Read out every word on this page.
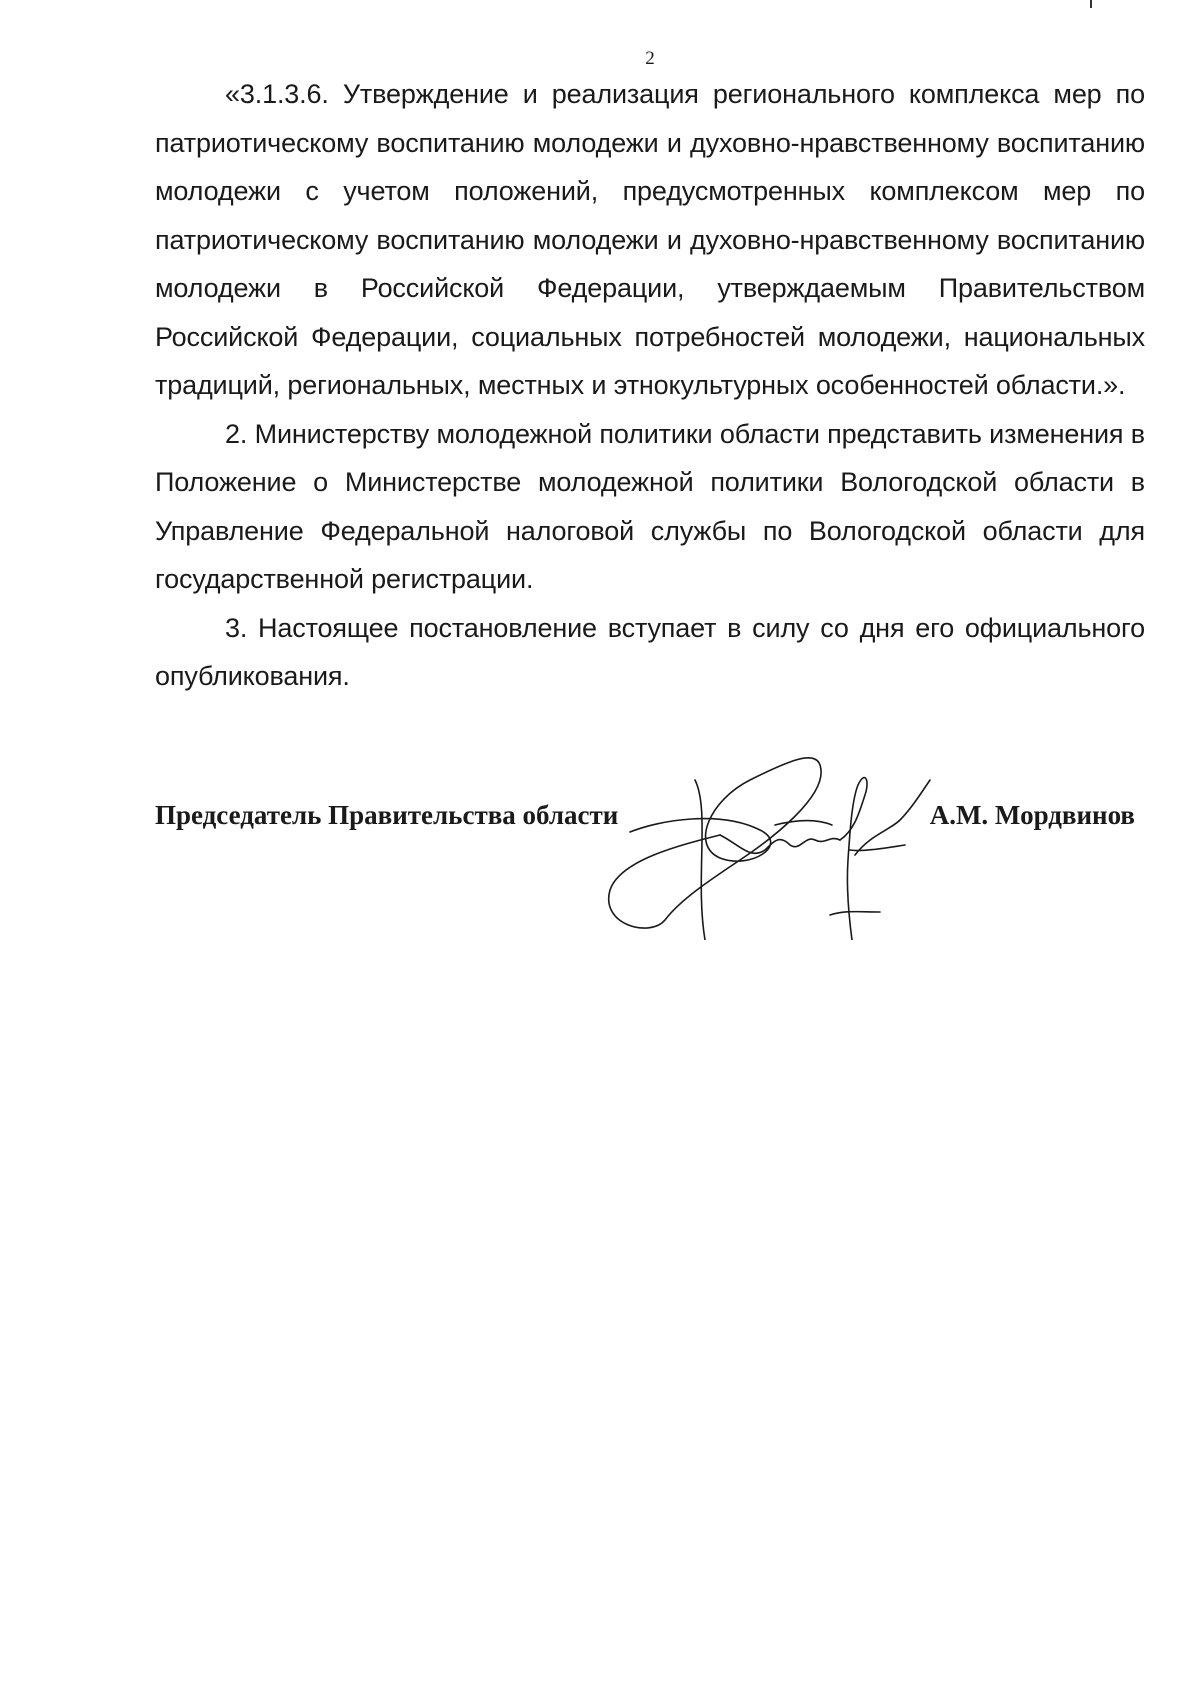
2

«3.1.3.6. Утверждение и реализация регионального комплекса мер по патриотическому воспитанию молодежи и духовно-нравственному воспитанию молодежи с учетом положений, предусмотренных комплексом мер по патриотическому воспитанию молодежи и духовно-нравственному воспитанию молодежи в Российской Федерации, утверждаемым Правительством Российской Федерации, социальных потребностей молодежи, национальных традиций, региональных, местных и этнокультурных особенностей области.».

2. Министерству молодежной политики области представить изменения в Положение о Министерстве молодежной политики Вологодской области в Управление Федеральной налоговой службы по Вологодской области для государственной регистрации.

3. Настоящее постановление вступает в силу со дня его официального опубликования.

Председатель Правительства области	А.М. Мордвинов
